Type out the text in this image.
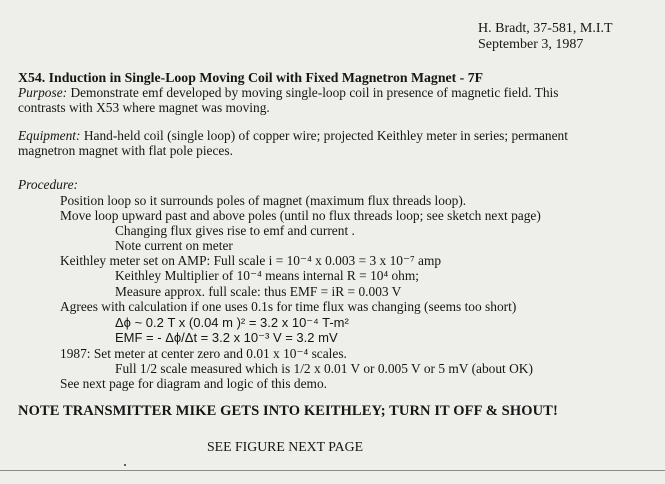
H. Bradt, 37-581, M.I.T
September 3, 1987
X54. Induction in Single-Loop Moving Coil with Fixed Magnetron Magnet - 7F
Purpose: Demonstrate emf developed by moving single-loop coil in presence of magnetic field. This
contrasts with X53 where magnet was moving.
Equipment: Hand-held coil (single loop) of copper wire; projected Keithley meter in series; permanent
magnetron magnet with flat pole pieces.
Procedure:
Position loop so it surrounds poles of magnet (maximum flux threads loop).
Move loop upward past and above poles (until no flux threads loop; see sketch next page)
Changing flux gives rise to emf and current .
Note current on meter
Keithley meter set on AMP: Full scale i = 10⁻⁴ x 0.003 = 3 x 10⁻⁷ amp
Keithley Multiplier of 10⁻⁴ means internal R = 10⁴ ohm;
Measure approx. full scale: thus EMF = iR = 0.003 V
Agrees with calculation if one uses 0.1s for time flux was changing (seems too short)
Δϕ ~ 0.2 T x (0.04 m )² = 3.2 x 10⁻⁴ T-m²
EMF = - Δϕ/Δt = 3.2 x 10⁻³ V = 3.2 mV
1987: Set meter at center zero and 0.01 x 10⁻⁴ scales.
Full 1/2 scale measured which is 1/2 x 0.01 V or 0.005 V or 5 mV (about OK)
See next page for diagram and logic of this demo.
NOTE TRANSMITTER MIKE GETS INTO KEITHLEY; TURN IT OFF & SHOUT!
SEE FIGURE NEXT PAGE
